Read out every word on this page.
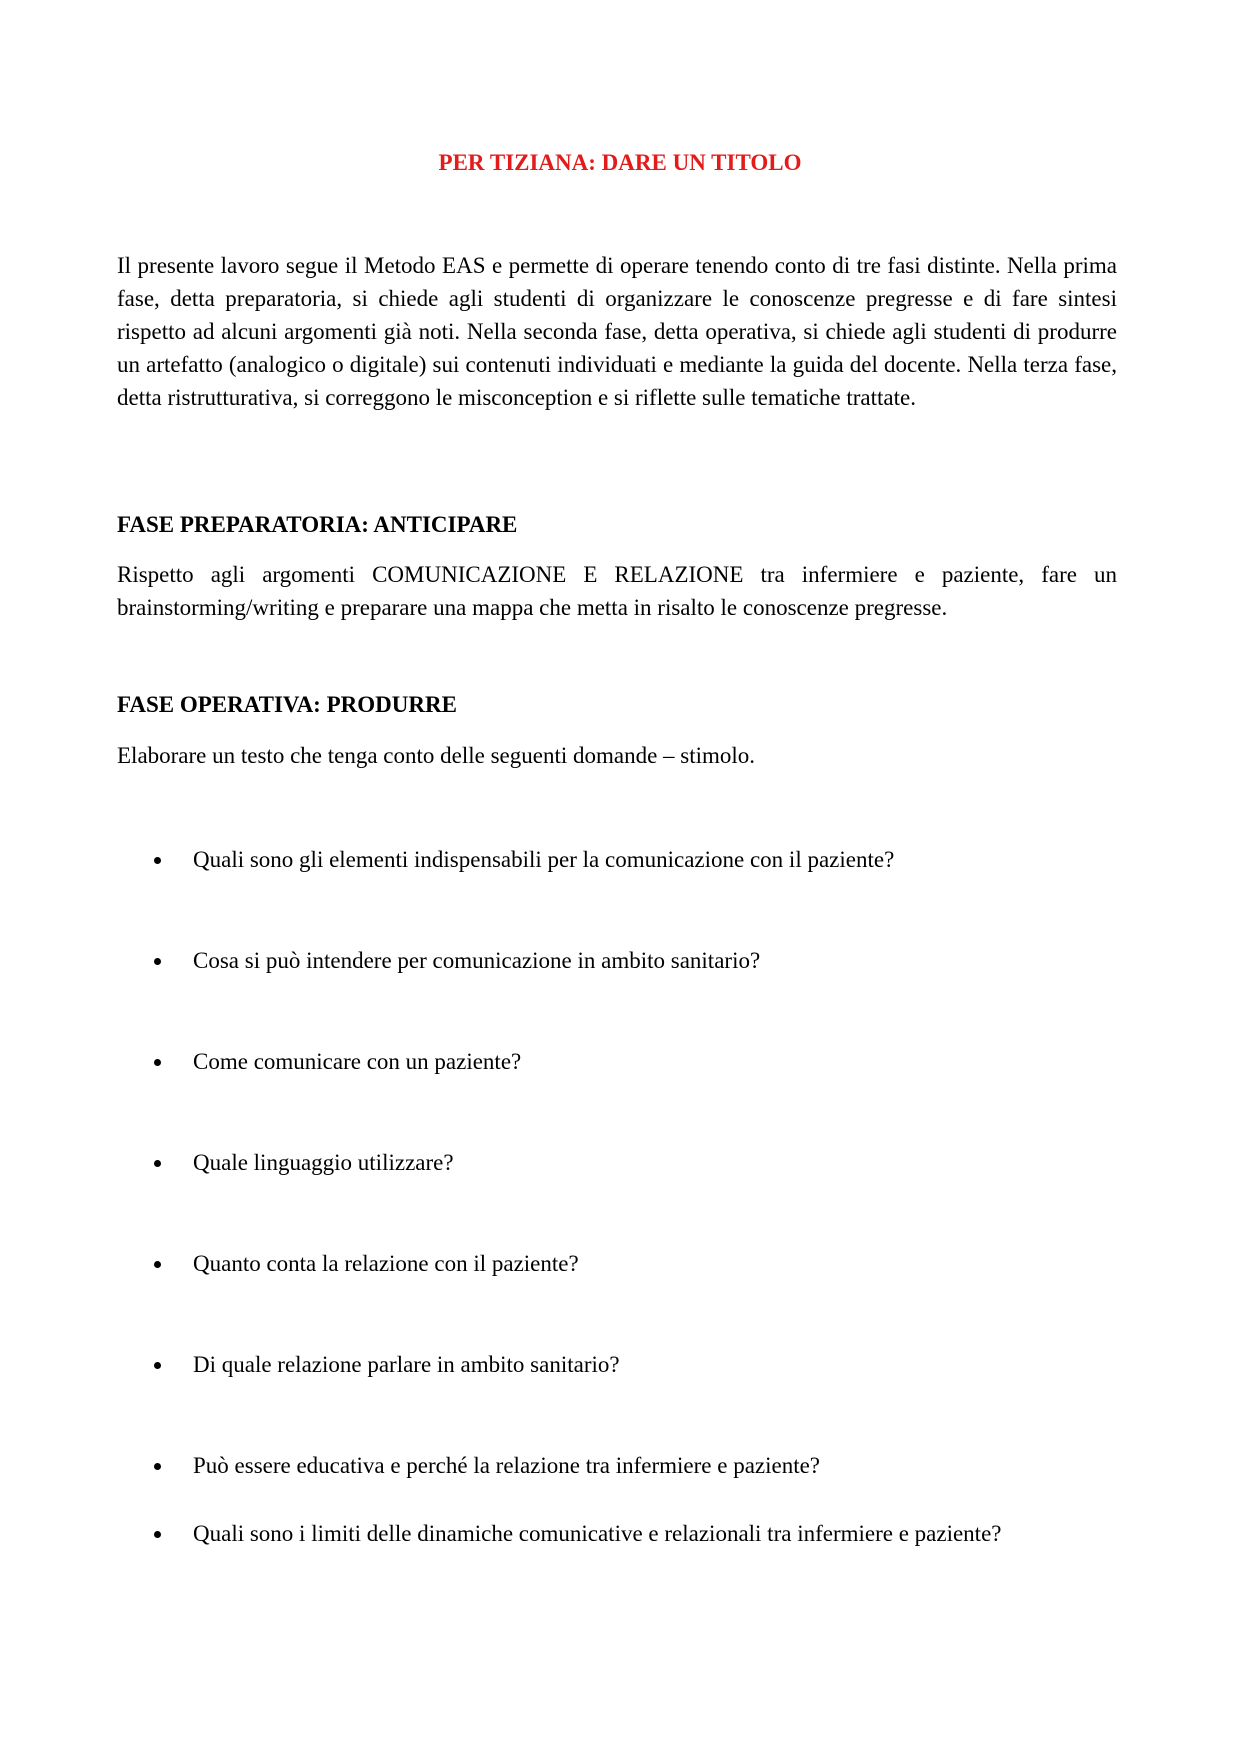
PER TIZIANA: DARE UN TITOLO

Il presente lavoro segue il Metodo EAS e permette di operare tenendo conto di tre fasi distinte. Nella prima fase, detta preparatoria, si chiede agli studenti di organizzare le conoscenze pregresse e di fare sintesi rispetto ad alcuni argomenti già noti. Nella seconda fase, detta operativa, si chiede agli studenti di produrre un artefatto (analogico o digitale) sui contenuti individuati e mediante la guida del docente. Nella terza fase, detta ristrutturativa, si correggono le misconception e si riflette sulle tematiche trattate.

FASE PREPARATORIA: ANTICIPARE

Rispetto agli argomenti COMUNICAZIONE E RELAZIONE tra infermiere e paziente, fare un brainstorming/writing e preparare una mappa che metta in risalto le conoscenze pregresse.

FASE OPERATIVA: PRODURRE

Elaborare un testo che tenga conto delle seguenti domande – stimolo.

Quali sono gli elementi indispensabili per la comunicazione con il paziente?
Cosa si può intendere per comunicazione in ambito sanitario?
Come comunicare con un paziente?
Quale linguaggio utilizzare?
Quanto conta la relazione con il paziente?
Di quale relazione parlare in ambito sanitario?
Può essere educativa e perché la relazione tra infermiere e paziente?
Quali sono i limiti delle dinamiche comunicative e relazionali tra infermiere e paziente?
